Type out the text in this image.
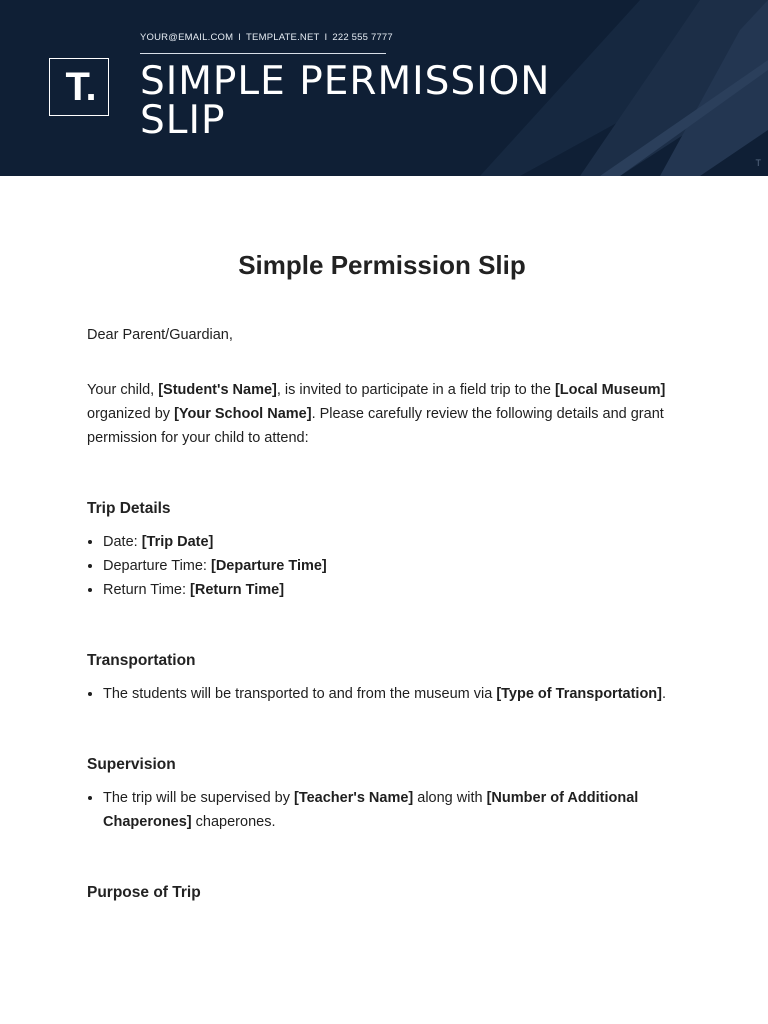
YOUR@EMAIL.COM I TEMPLATE.NET I 222 555 7777
T. SIMPLE PERMISSION
SLIP
T
Simple Permission Slip

Dear Parent/Guardian,

Your child, [Student's Name], is invited to participate in a field trip to the [Local Museum] organized by [Your School Name]. Please carefully review the following details and grant permission for your child to attend:

Trip Details
• Date: [Trip Date]
• Departure Time: [Departure Time]
• Return Time: [Return Time]
Transportation
• The students will be transported to and from the museum via [Type of Transportation].
Supervision
• The trip will be supervised by [Teacher's Name] along with [Number of Additional Chaperones] chaperones.
Purpose of Trip
